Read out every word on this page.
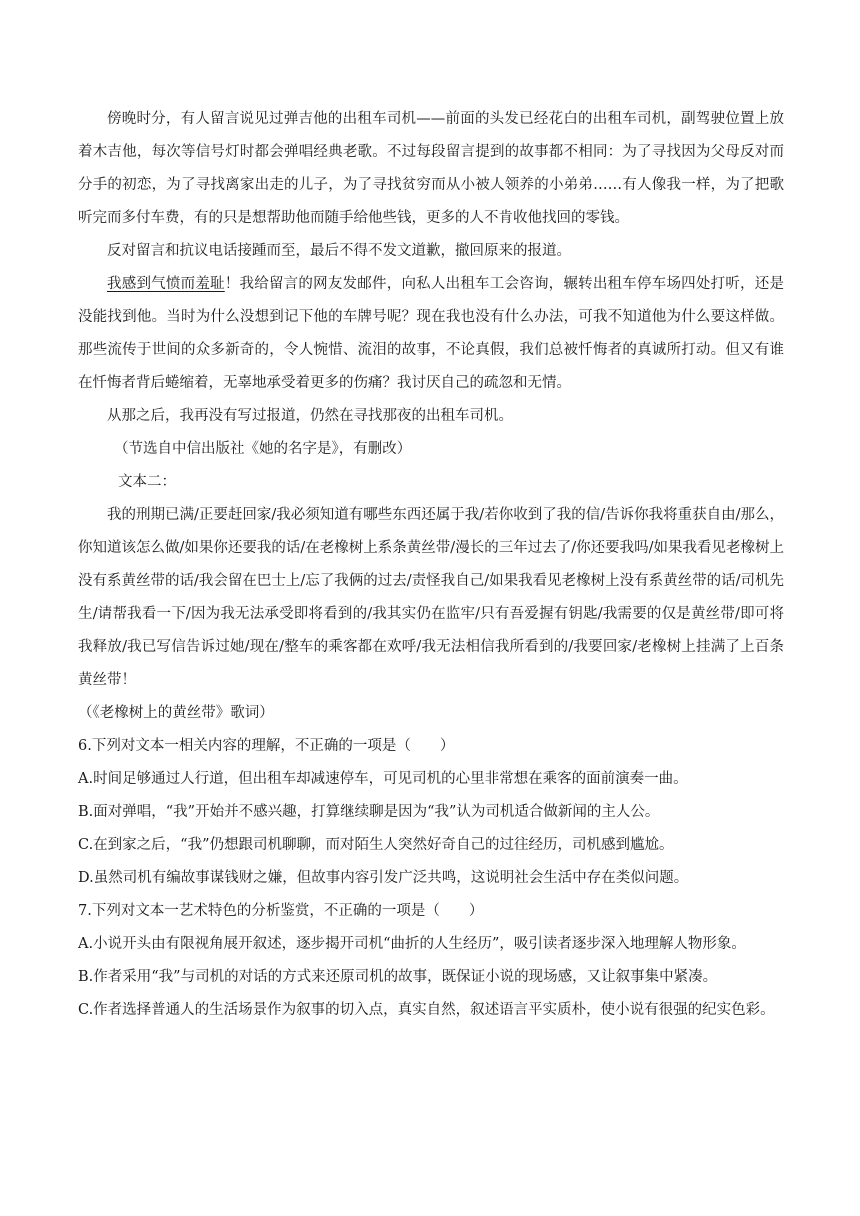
傍晚时分，有人留言说见过弹吉他的出租车司机——前面的头发已经花白的出租车司机，副驾驶位置上放着木吉他，每次等信号灯时都会弹唱经典老歌。不过每段留言提到的故事都不相同：为了寻找因为父母反对而分手的初恋，为了寻找离家出走的儿子，为了寻找贫穷而从小被人领养的小弟弟……有人像我一样，为了把歌听完而多付车费，有的只是想帮助他而随手给他些钱，更多的人不肯收他找回的零钱。

反对留言和抗议电话接踵而至，最后不得不发文道歉，撤回原来的报道。

我感到气愤而羞耻！我给留言的网友发邮件，向私人出租车工会咨询，辗转出租车停车场四处打听，还是没能找到他。当时为什么没想到记下他的车牌号呢？现在我也没有什么办法，可我不知道他为什么要这样做。那些流传于世间的众多新奇的，令人惋惜、流泪的故事，不论真假，我们总被忏悔者的真诚所打动。但又有谁在忏悔者背后蜷缩着，无辜地承受着更多的伤痛？我讨厌自己的疏忽和无情。

从那之后，我再没有写过报道，仍然在寻找那夜的出租车司机。

（节选自中信出版社《她的名字是》，有删改）

文本二：

我的刑期已满/正要赶回家/我必须知道有哪些东西还属于我/若你收到了我的信/告诉你我将重获自由/那么，你知道该怎么做/如果你还要我的话/在老橡树上系条黄丝带/漫长的三年过去了/你还要我吗/如果我看见老橡树上没有系黄丝带的话/我会留在巴士上/忘了我俩的过去/责怪我自己/如果我看见老橡树上没有系黄丝带的话/司机先生/请帮我看一下/因为我无法承受即将看到的/我其实仍在监牢/只有吾爱握有钥匙/我需要的仅是黄丝带/即可将我释放/我已写信告诉过她/现在/整车的乘客都在欢呼/我无法相信我所看到的/我要回家/老橡树上挂满了上百条黄丝带！

（《老橡树上的黄丝带》歌词）

6.下列对文本一相关内容的理解，不正确的一项是（　　）

A.时间足够通过人行道，但出租车却减速停车，可见司机的心里非常想在乘客的面前演奏一曲。

B.面对弹唱，“我”开始并不感兴趣，打算继续聊是因为“我”认为司机适合做新闻的主人公。

C.在到家之后，“我”仍想跟司机聊聊，而对陌生人突然好奇自己的过往经历，司机感到尴尬。

D.虽然司机有编故事谋钱财之嫌，但故事内容引发广泛共鸣，这说明社会生活中存在类似问题。

7.下列对文本一艺术特色的分析鉴赏，不正确的一项是（　　）

A.小说开头由有限视角展开叙述，逐步揭开司机“曲折的人生经历”，吸引读者逐步深入地理解人物形象。

B.作者采用“我”与司机的对话的方式来还原司机的故事，既保证小说的现场感，又让叙事集中紧凑。

C.作者选择普通人的生活场景作为叙事的切入点，真实自然，叙述语言平实质朴，使小说有很强的纪实色彩。
